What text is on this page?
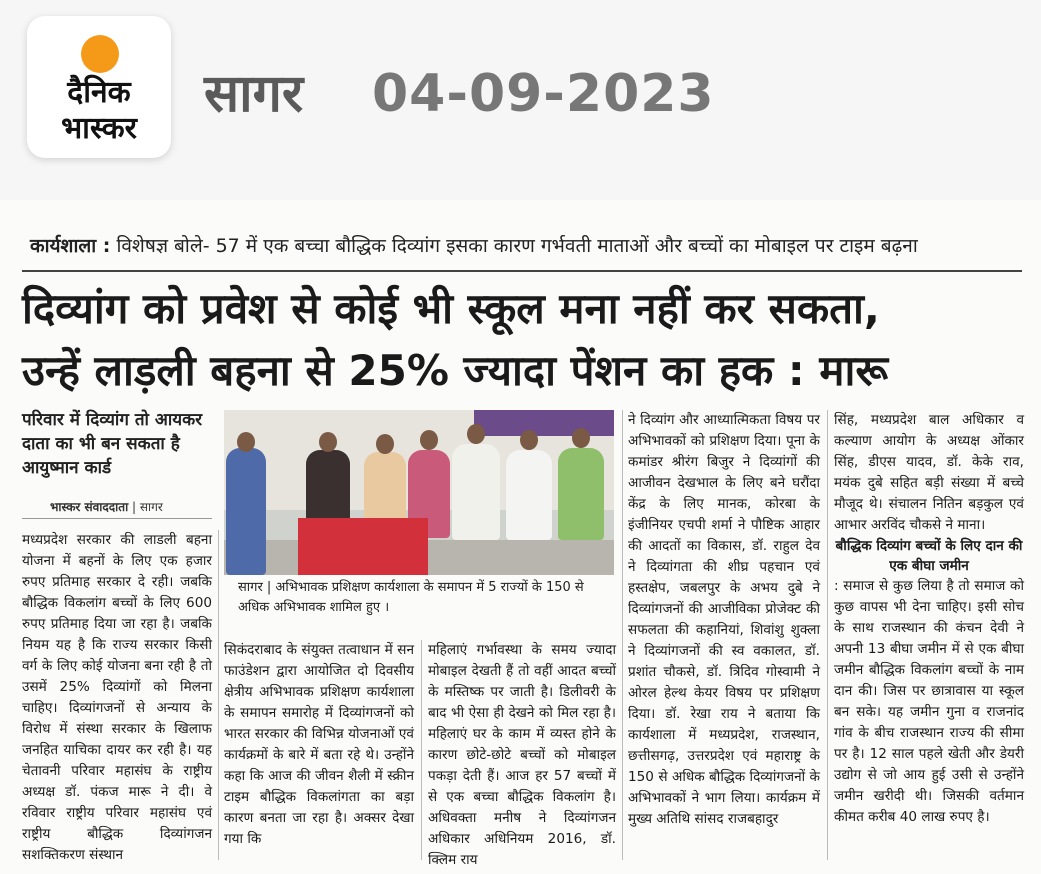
दैनिक
भास्कर
सागर 04-09-2023
कार्यशाला : विशेषज्ञ बोले- 57 में एक बच्चा बौद्धिक दिव्यांग इसका कारण गर्भवती माताओं और बच्चों का मोबाइल पर टाइम बढ़ना
दिव्यांग को प्रवेश से कोई भी स्कूल मना नहीं कर सकता,
उन्हें लाड़ली बहना से 25% ज्यादा पेंशन का हक : मारू
परिवार में दिव्यांग तो आयकर दाता का भी बन सकता है आयुष्मान कार्ड
भास्कर संवाददाता | सागर

मध्यप्रदेश सरकार की लाडली बहना योजना में बहनों के लिए एक हजार रुपए प्रतिमाह सरकार दे रही। जबकि बौद्धिक विकलांग बच्चों के लिए 600 रुपए प्रतिमाह दिया जा रहा है। जबकि नियम यह है कि राज्य सरकार किसी वर्ग के लिए कोई योजना बना रही है तो उसमें 25% दिव्यांगों को मिलना चाहिए। दिव्यांगजनों से अन्याय के विरोध में संस्था सरकार के खिलाफ जनहित याचिका दायर कर रही है। यह चेतावनी परिवार महासंघ के राष्ट्रीय अध्यक्ष डॉ. पंकज मारू ने दी। वे रविवार राष्ट्रीय परिवार महासंघ एवं राष्ट्रीय बौद्धिक दिव्यांगजन सशक्तिकरण संस्थान

सागर | अभिभावक प्रशिक्षण कार्यशाला के समापन में 5 राज्यों के 150 से अधिक अभिभावक शामिल हुए ।

सिकंदराबाद के संयुक्त तत्वाधान में सन फाउंडेशन द्वारा आयोजित दो दिवसीय क्षेत्रीय अभिभावक प्रशिक्षण कार्यशाला के समापन समारोह में दिव्यांगजनों को भारत सरकार की विभिन्न योजनाओं एवं कार्यक्रमों के बारे में बता रहे थे। उन्होंने कहा कि आज की जीवन शैली में स्क्रीन टाइम बौद्धिक विकलांगता का बड़ा कारण बनता जा रहा है। अक्सर देखा गया कि

महिलाएं गर्भावस्था के समय ज्यादा मोबाइल देखती हैं तो वहीं आदत बच्चों के मस्तिष्क पर जाती है। डिलीवरी के बाद भी ऐसा ही देखने को मिल रहा है। महिलाएं घर के काम में व्यस्त होने के कारण छोटे-छोटे बच्चों को मोबाइल पकड़ा देती हैं। आज हर 57 बच्चों में से एक बच्चा बौद्धिक विकलांग है। अधिवक्ता मनीष ने दिव्यांगजन अधिकार अधिनियम 2016, डॉ. क्लिम राय

ने दिव्यांग और आध्यात्मिकता विषय पर अभिभावकों को प्रशिक्षण दिया। पूना के कमांडर श्रीरंग बिजुर ने दिव्यांगों की आजीवन देखभाल के लिए बने घरौंदा केंद्र के लिए मानक, कोरबा के इंजीनियर एचपी शर्मा ने पौष्टिक आहार की आदतों का विकास, डॉ. राहुल देव ने दिव्यांगता की शीघ्र पहचान एवं हस्तक्षेप, जबलपुर के अभय दुबे ने दिव्यांगजनों की आजीविका प्रोजेक्ट की सफलता की कहानियां, शिवांशु शुक्ला ने दिव्यांगजनों की स्व वकालत, डॉ. प्रशांत चौकसे, डॉ. त्रिदिव गोस्वामी ने ओरल हेल्थ केयर विषय पर प्रशिक्षण दिया। डॉ. रेखा राय ने बताया कि कार्यशाला में मध्यप्रदेश, राजस्थान, छत्तीसगढ़, उत्तरप्रदेश एवं महाराष्ट्र के 150 से अधिक बौद्धिक दिव्यांगजनों के अभिभावकों ने भाग लिया। कार्यक्रम में मुख्य अतिथि सांसद राजबहादुर

सिंह, मध्यप्रदेश बाल अधिकार व कल्याण आयोग के अध्यक्ष ओंकार सिंह, डीएस यादव, डॉ. केके राव, मयंक दुबे सहित बड़ी संख्या में बच्चे मौजूद थे। संचालन नितिन बड़कुल एवं आभार अरविंद चौकसे ने माना।

बौद्धिक दिव्यांग बच्चों के लिए दान की एक बीघा जमीन

: समाज से कुछ लिया है तो समाज को कुछ वापस भी देना चाहिए। इसी सोच के साथ राजस्थान की कंचन देवी ने अपनी 13 बीघा जमीन में से एक बीघा जमीन बौद्धिक विकलांग बच्चों के नाम दान की। जिस पर छात्रावास या स्कूल बन सके। यह जमीन गुना व राजनांद गांव के बीच राजस्थान राज्य की सीमा पर है। 12 साल पहले खेती और डेयरी उद्योग से जो आय हुई उसी से उन्होंने जमीन खरीदी थी। जिसकी वर्तमान कीमत करीब 40 लाख रुपए है।
